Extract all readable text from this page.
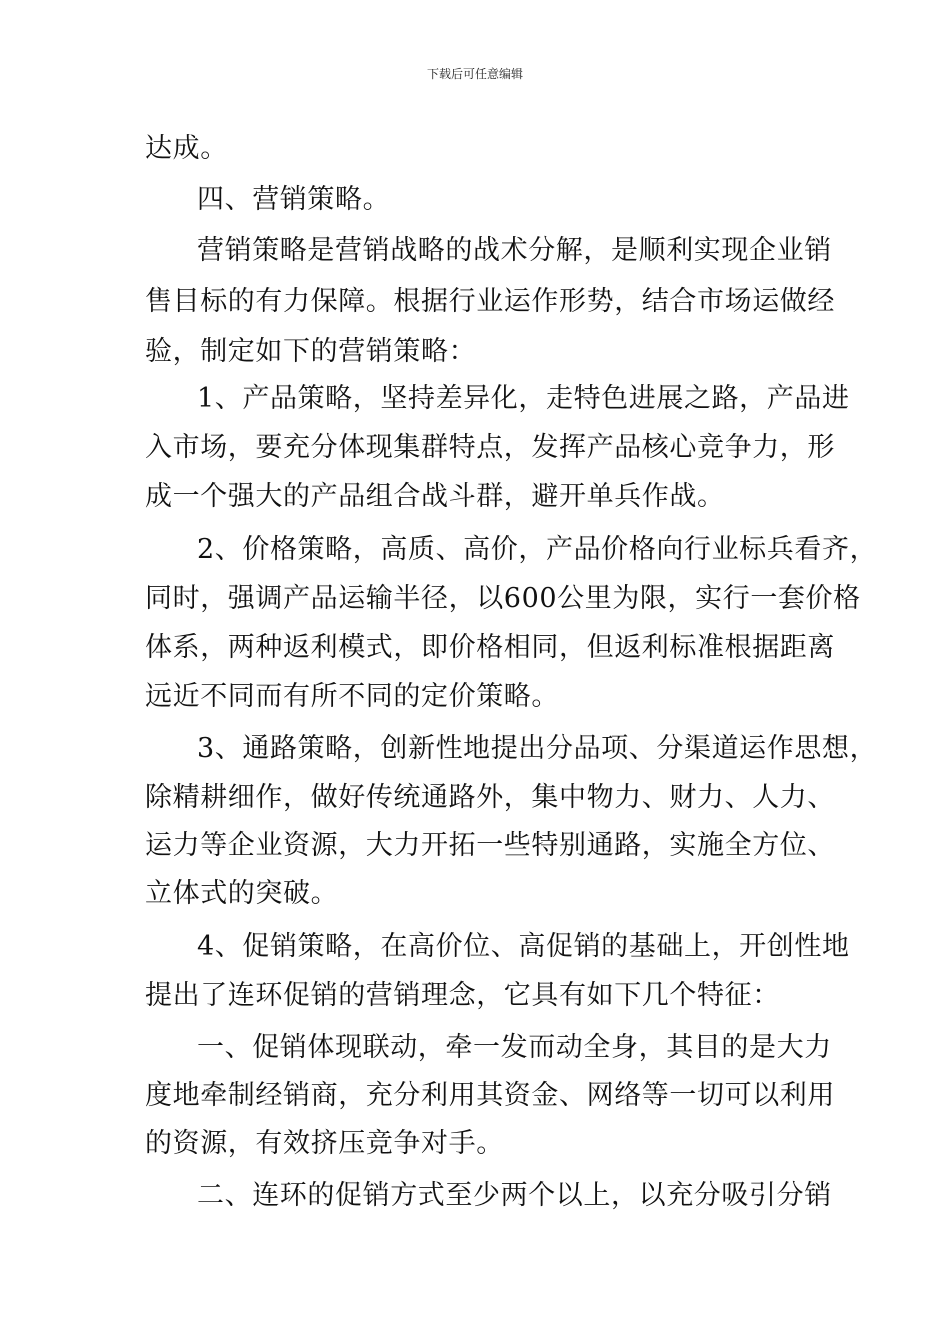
下载后可任意编辑
达成。
四、营销策略。
营销策略是营销战略的战术分解，是顺利实现企业销
售目标的有力保障。根据行业运作形势，结合市场运做经
验，制定如下的营销策略：
1、产品策略，坚持差异化，走特色进展之路，产品进
入市场，要充分体现集群特点，发挥产品核心竞争力，形
成一个强大的产品组合战斗群，避开单兵作战。
2、价格策略，高质、高价，产品价格向行业标兵看齐，
同时，强调产品运输半径，以600公里为限，实行一套价格
体系，两种返利模式，即价格相同，但返利标准根据距离
远近不同而有所不同的定价策略。
3、通路策略，创新性地提出分品项、分渠道运作思想，
除精耕细作，做好传统通路外，集中物力、财力、人力、
运力等企业资源，大力开拓一些特别通路，实施全方位、
立体式的突破。
4、促销策略，在高价位、高促销的基础上，开创性地
提出了连环促销的营销理念，它具有如下几个特征：
一、促销体现联动，牵一发而动全身，其目的是大力
度地牵制经销商，充分利用其资金、网络等一切可以利用
的资源，有效挤压竞争对手。
二、连环的促销方式至少两个以上，以充分吸引分销
